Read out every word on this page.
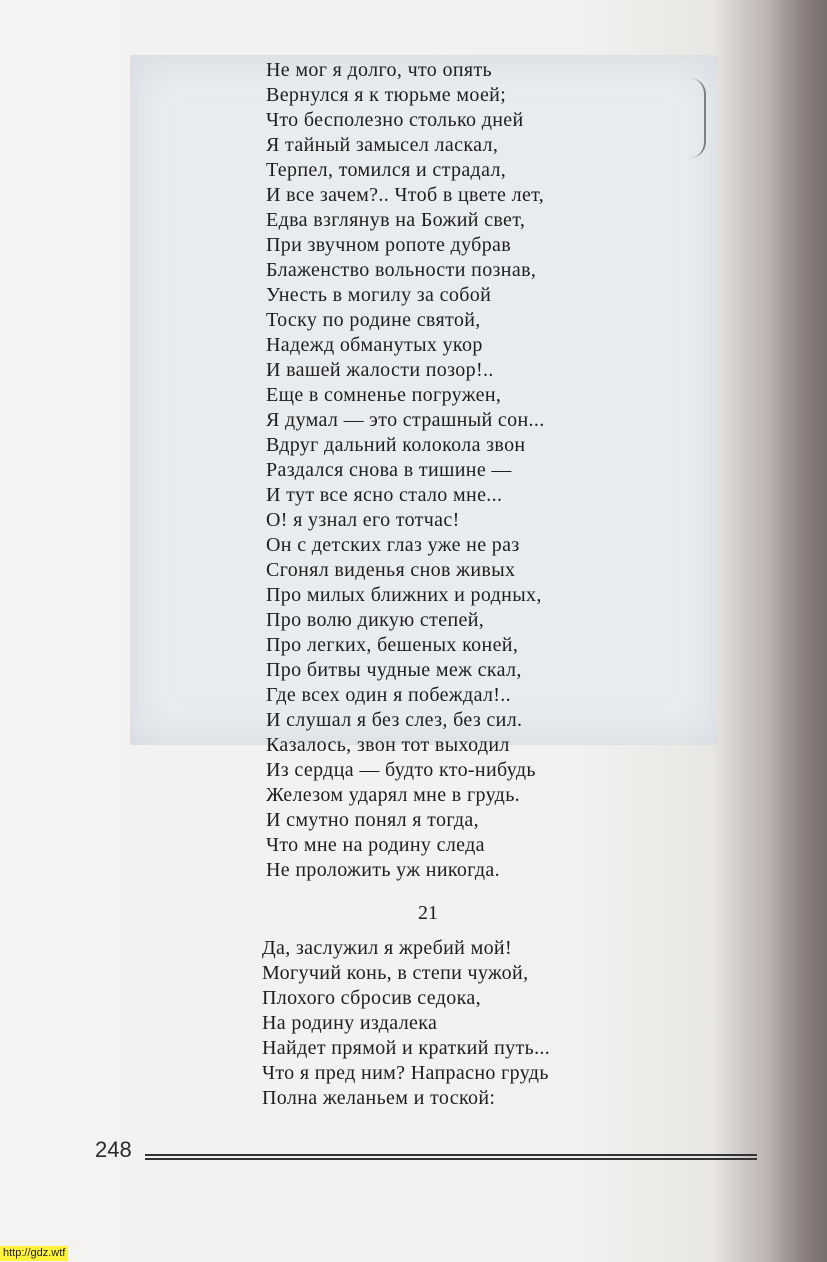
Не мог я долго, что опять
Вернулся я к тюрьме моей;
Что бесполезно столько дней
Я тайный замысел ласкал,
Терпел, томился и страдал,
И все зачем?.. Чтоб в цвете лет,
Едва взглянув на Божий свет,
При звучном ропоте дубрав
Блаженство вольности познав,
Унесть в могилу за собой
Тоску по родине святой,
Надежд обманутых укор
И вашей жалости позор!..
Еще в сомненье погружен,
Я думал — это страшный сон...
Вдруг дальний колокола звон
Раздался снова в тишине —
И тут все ясно стало мне...
О! я узнал его тотчас!
Он с детских глаз уже не раз
Сгонял виденья снов живых
Про милых ближних и родных,
Про волю дикую степей,
Про легких, бешеных коней,
Про битвы чудные меж скал,
Где всех один я побеждал!..
И слушал я без слез, без сил.
Казалось, звон тот выходил
Из сердца — будто кто-нибудь
Железом ударял мне в грудь.
И смутно понял я тогда,
Что мне на родину следа
Не проложить уж никогда.
21
Да, заслужил я жребий мой!
Могучий конь, в степи чужой,
Плохого сбросив седока,
На родину издалека
Найдет прямой и краткий путь...
Что я пред ним? Напрасно грудь
Полна желаньем и тоской:
248
http://gdz.wtf
